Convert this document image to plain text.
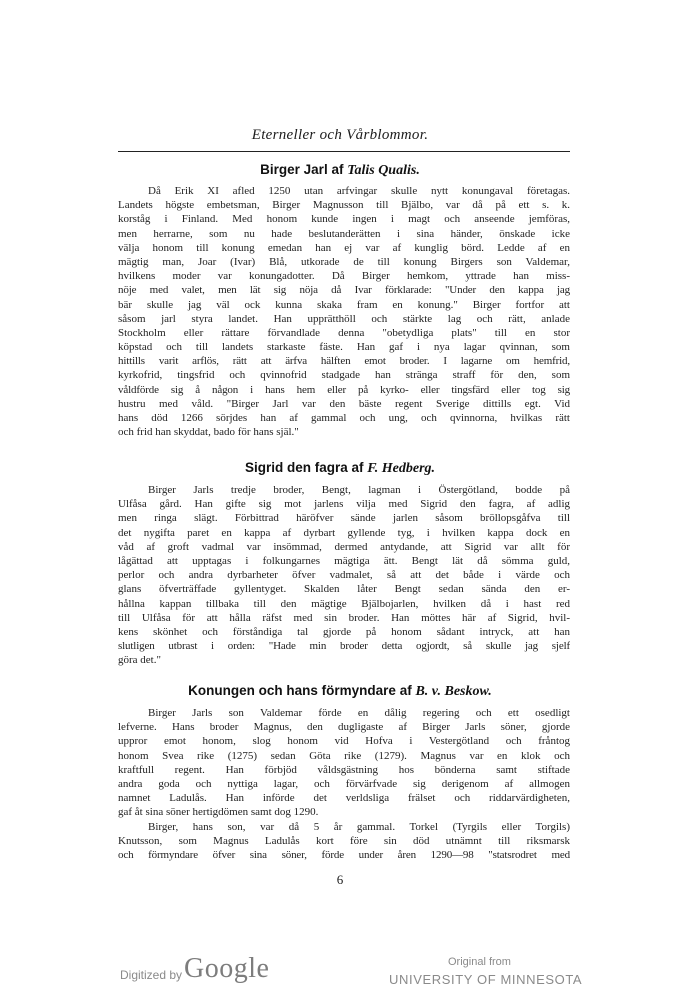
Eterneller och Vårblommor.
Birger Jarl af Talis Qualis.
Då Erik XI afled 1250 utan arfvingar skulle nytt konungaval företagas.
Landets högste embetsman, Birger Magnusson till Bjälbo, var då på ett s. k.
korståg i Finland. Med honom kunde ingen i magt och anseende jemföras,
men herrarne, som nu hade beslutanderätten i sina händer, önskade icke
välja honom till konung emedan han ej var af kunglig börd. Ledde af en
mägtig man, Joar (Ivar) Blå, utkorade de till konung Birgers son Valdemar,
hvilkens moder var konungadotter. Då Birger hemkom, yttrade han miss-
nöje med valet, men lät sig nöja då Ivar förklarade: "Under den kappa jag
bär skulle jag väl ock kunna skaka fram en konung." Birger fortfor att
såsom jarl styra landet. Han upprätthöll och stärkte lag och rätt, anlade
Stockholm eller rättare förvandlade denna "obetydliga plats" till en stor
köpstad och till landets starkaste fäste. Han gaf i nya lagar qvinnan, som
hittills varit arflös, rätt att ärfva hälften emot broder. I lagarne om hemfrid,
kyrkofrid, tingsfrid och qvinnofrid stadgade han stränga straff för den, som
våldförde sig å någon i hans hem eller på kyrko- eller tingsfärd eller tog sig
hustru med våld. "Birger Jarl var den bäste regent Sverige dittills egt. Vid
hans död 1266 sörjdes han af gammal och ung, och qvinnorna, hvilkas rätt
och frid han skyddat, bado för hans själ."
Sigrid den fagra af F. Hedberg.
Birger Jarls tredje broder, Bengt, lagman i Östergötland, bodde på
Ulfåsa gård. Han gifte sig mot jarlens vilja med Sigrid den fagra, af adlig
men ringa slägt. Förbittrad häröfver sände jarlen såsom bröllopsgåfva till
det nygifta paret en kappa af dyrbart gyllende tyg, i hvilken kappa dock en
våd af groft vadmal var insömmad, dermed antydande, att Sigrid var allt för
lågättad att upptagas i folkungarnes mägtiga ätt. Bengt lät då sömma guld,
perlor och andra dyrbarheter öfver vadmalet, så att det både i värde och
glans öfverträffade gyllentyget. Skalden låter Bengt sedan sända den er-
hållna kappan tillbaka till den mägtige Bjälbojarlen, hvilken då i hast red
till Ulfåsa för att hålla räfst med sin broder. Han möttes här af Sigrid, hvil-
kens skönhet och förståndiga tal gjorde på honom sådant intryck, att han
slutligen utbrast i orden: "Hade min broder detta ogjordt, så skulle jag sjelf
göra det."
Konungen och hans förmyndare af B. v. Beskow.
Birger Jarls son Valdemar förde en dålig regering och ett osedligt
lefverne. Hans broder Magnus, den dugligaste af Birger Jarls söner, gjorde
uppror emot honom, slog honom vid Hofva i Vestergötland och fråntog
honom Svea rike (1275) sedan Göta rike (1279). Magnus var en klok och
kraftfull regent. Han förbjöd våldsgästning hos bönderna samt stiftade
andra goda och nyttiga lagar, och förvärfvade sig derigenom af allmogen
namnet Ladulås. Han införde det verldsliga frälset och riddarvärdigheten,
gaf åt sina söner hertigdömen samt dog 1290.
Birger, hans son, var då 5 år gammal. Torkel (Tyrgils eller Torgils)
Knutsson, som Magnus Ladulås kort före sin död utnämnt till riksmarsk
och förmyndare öfver sina söner, förde under åren 1290—98 "statsrodret med
6
Digitized by Google	Original from
UNIVERSITY OF MINNESOTA
